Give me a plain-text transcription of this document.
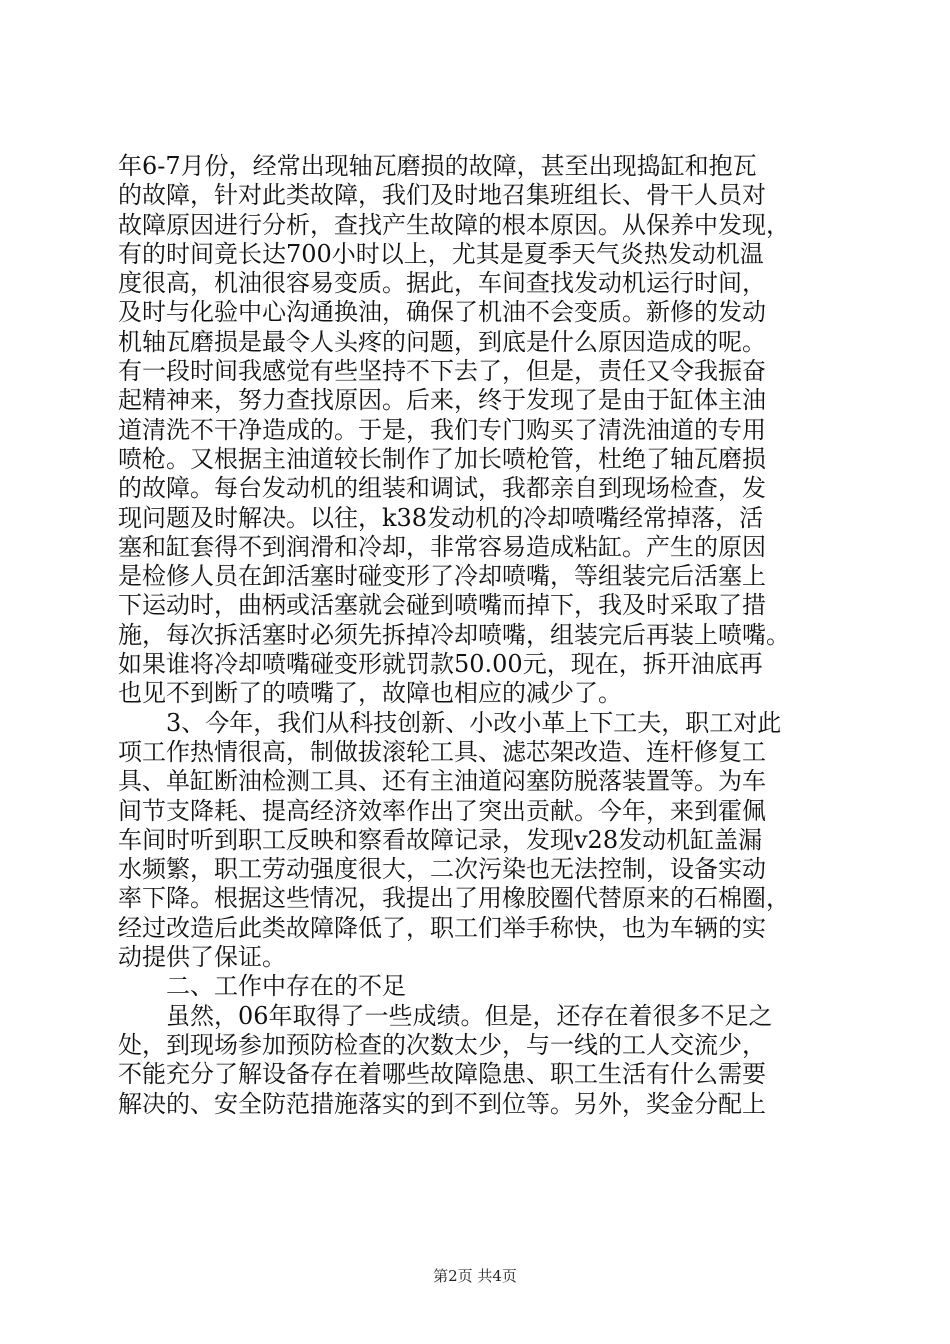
年6-7月份，经常出现轴瓦磨损的故障，甚至出现捣缸和抱瓦
的故障，针对此类故障，我们及时地召集班组长、骨干人员对
故障原因进行分析，查找产生故障的根本原因。从保养中发现，
有的时间竟长达700小时以上，尤其是夏季天气炎热发动机温
度很高，机油很容易变质。据此，车间查找发动机运行时间，
及时与化验中心沟通换油，确保了机油不会变质。新修的发动
机轴瓦磨损是最令人头疼的问题，到底是什么原因造成的呢。
有一段时间我感觉有些坚持不下去了，但是，责任又令我振奋
起精神来，努力查找原因。后来，终于发现了是由于缸体主油
道清洗不干净造成的。于是，我们专门购买了清洗油道的专用
喷枪。又根据主油道较长制作了加长喷枪管，杜绝了轴瓦磨损
的故障。每台发动机的组装和调试，我都亲自到现场检查，发
现问题及时解决。以往，k38发动机的冷却喷嘴经常掉落，活
塞和缸套得不到润滑和冷却，非常容易造成粘缸。产生的原因
是检修人员在卸活塞时碰变形了冷却喷嘴，等组装完后活塞上
下运动时，曲柄或活塞就会碰到喷嘴而掉下，我及时采取了措
施，每次拆活塞时必须先拆掉冷却喷嘴，组装完后再装上喷嘴。
如果谁将冷却喷嘴碰变形就罚款50.00元，现在，拆开油底再
也见不到断了的喷嘴了，故障也相应的减少了。
　　3、今年，我们从科技创新、小改小革上下工夫，职工对此
项工作热情很高，制做拔滚轮工具、滤芯架改造、连杆修复工
具、单缸断油检测工具、还有主油道闷塞防脱落装置等。为车
间节支降耗、提高经济效率作出了突出贡献。今年，来到霍佩
车间时听到职工反映和察看故障记录，发现v28发动机缸盖漏
水频繁，职工劳动强度很大，二次污染也无法控制，设备实动
率下降。根据这些情况，我提出了用橡胶圈代替原来的石棉圈，
经过改造后此类故障降低了，职工们举手称快，也为车辆的实
动提供了保证。
　　二、工作中存在的不足
　　虽然，06年取得了一些成绩。但是，还存在着很多不足之
处，到现场参加预防检查的次数太少，与一线的工人交流少，
不能充分了解设备存在着哪些故障隐患、职工生活有什么需要
解决的、安全防范措施落实的到不到位等。另外，奖金分配上
第2页 共4页
